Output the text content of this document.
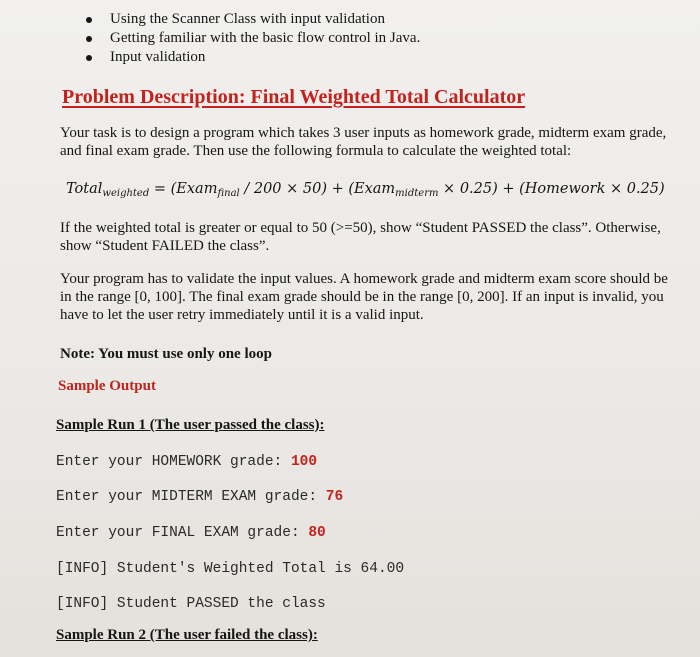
Using the Scanner Class with input validation
Getting familiar with the basic flow control in Java.
Input validation
Problem Description: Final Weighted Total Calculator

Your task is to design a program which takes 3 user inputs as homework grade, midterm exam grade, and final exam grade. Then use the following formula to calculate the weighted total:

Total$_{weighted}$ = (Exam$_{final}$ / 200 × 50) + (Exam$_{midterm}$ × 0.25) + (Homework × 0.25)

If the weighted total is greater or equal to 50 (>=50), show “Student PASSED the class”. Otherwise, show “Student FAILED the class”.

Your program has to validate the input values. A homework grade and midterm exam score should be in the range [0, 100]. The final exam grade should be in the range [0, 200]. If an input is invalid, you have to let the user retry immediately until it is a valid input.

Note: You must use only one loop
Sample Output
Sample Run 1 (The user passed the class):
Enter your HOMEWORK grade: 100
Enter your MIDTERM EXAM grade: 76
Enter your FINAL EXAM grade: 80
[INFO] Student's Weighted Total is 64.00
[INFO] Student PASSED the class
Sample Run 2 (The user failed the class):
